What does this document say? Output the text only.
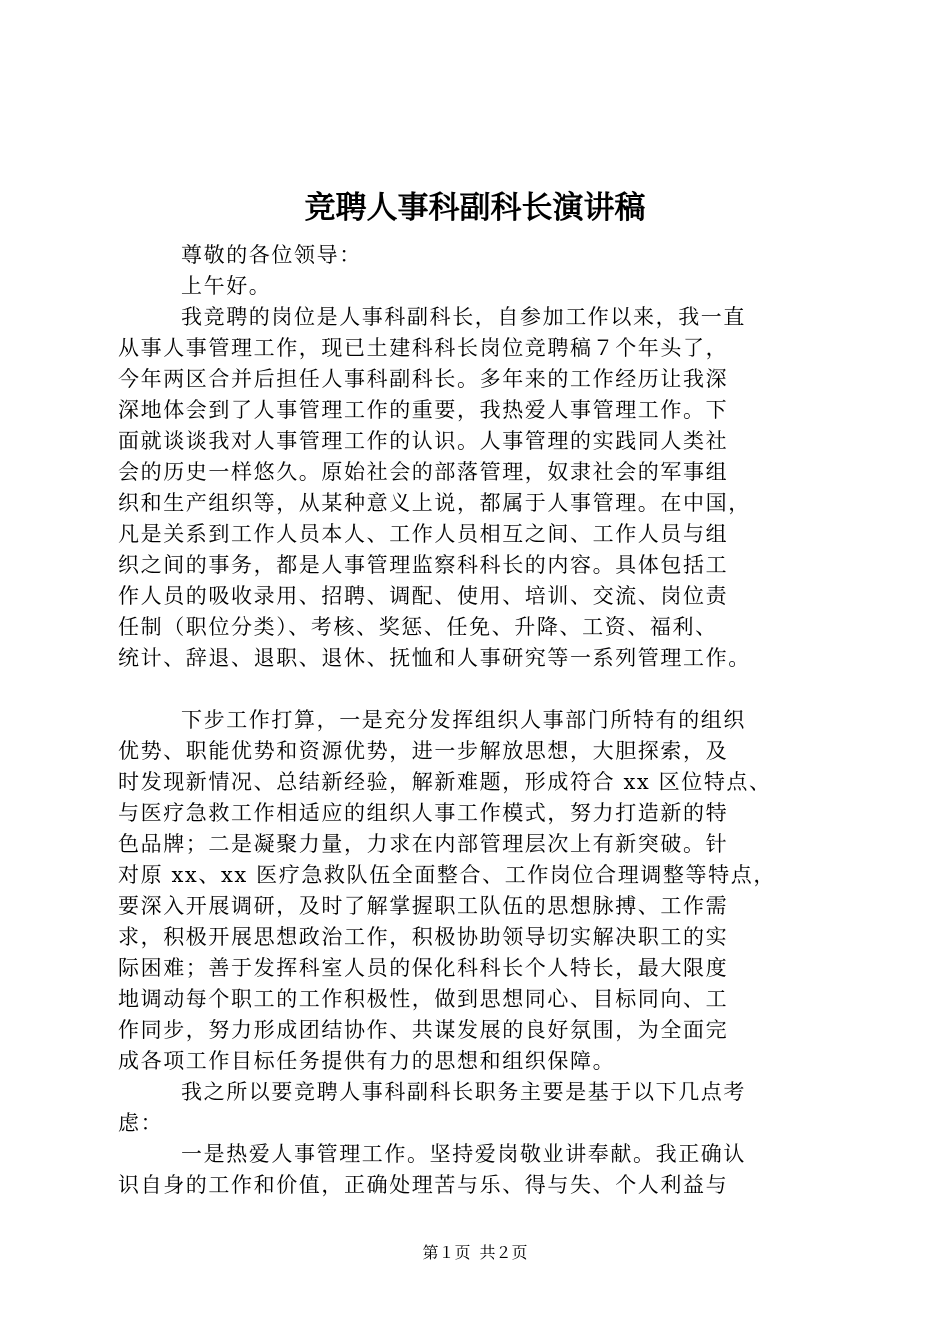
竞聘人事科副科长演讲稿
尊敬的各位领导：
上午好。
我竞聘的岗位是人事科副科长，自参加工作以来，我一直
从事人事管理工作，现已土建科科长岗位竞聘稿７个年头了，
今年两区合并后担任人事科副科长。多年来的工作经历让我深
深地体会到了人事管理工作的重要，我热爱人事管理工作。下
面就谈谈我对人事管理工作的认识。人事管理的实践同人类社
会的历史一样悠久。原始社会的部落管理，奴隶社会的军事组
织和生产组织等，从某种意义上说，都属于人事管理。在中国，
凡是关系到工作人员本人、工作人员相互之间、工作人员与组
织之间的事务，都是人事管理监察科科长的内容。具体包括工
作人员的吸收录用、招聘、调配、使用、培训、交流、岗位责
任制（职位分类）、考核、奖惩、任免、升降、工资、福利、
统计、辞退、退职、退休、抚恤和人事研究等一系列管理工作。
下步工作打算，一是充分发挥组织人事部门所特有的组织
优势、职能优势和资源优势，进一步解放思想，大胆探索，及
时发现新情况、总结新经验，解新难题，形成符合 xx 区位特点、
与医疗急救工作相适应的组织人事工作模式，努力打造新的特
色品牌；二是凝聚力量，力求在内部管理层次上有新突破。针
对原 xx、xx 医疗急救队伍全面整合、工作岗位合理调整等特点，
要深入开展调研，及时了解掌握职工队伍的思想脉搏、工作需
求，积极开展思想政治工作，积极协助领导切实解决职工的实
际困难；善于发挥科室人员的保化科科长个人特长，最大限度
地调动每个职工的工作积极性，做到思想同心、目标同向、工
作同步，努力形成团结协作、共谋发展的良好氛围，为全面完
成各项工作目标任务提供有力的思想和组织保障。
我之所以要竞聘人事科副科长职务主要是基于以下几点考
虑：
一是热爱人事管理工作。坚持爱岗敬业讲奉献。我正确认
识自身的工作和价值，正确处理苦与乐、得与失、个人利益与
第１页 共２页
